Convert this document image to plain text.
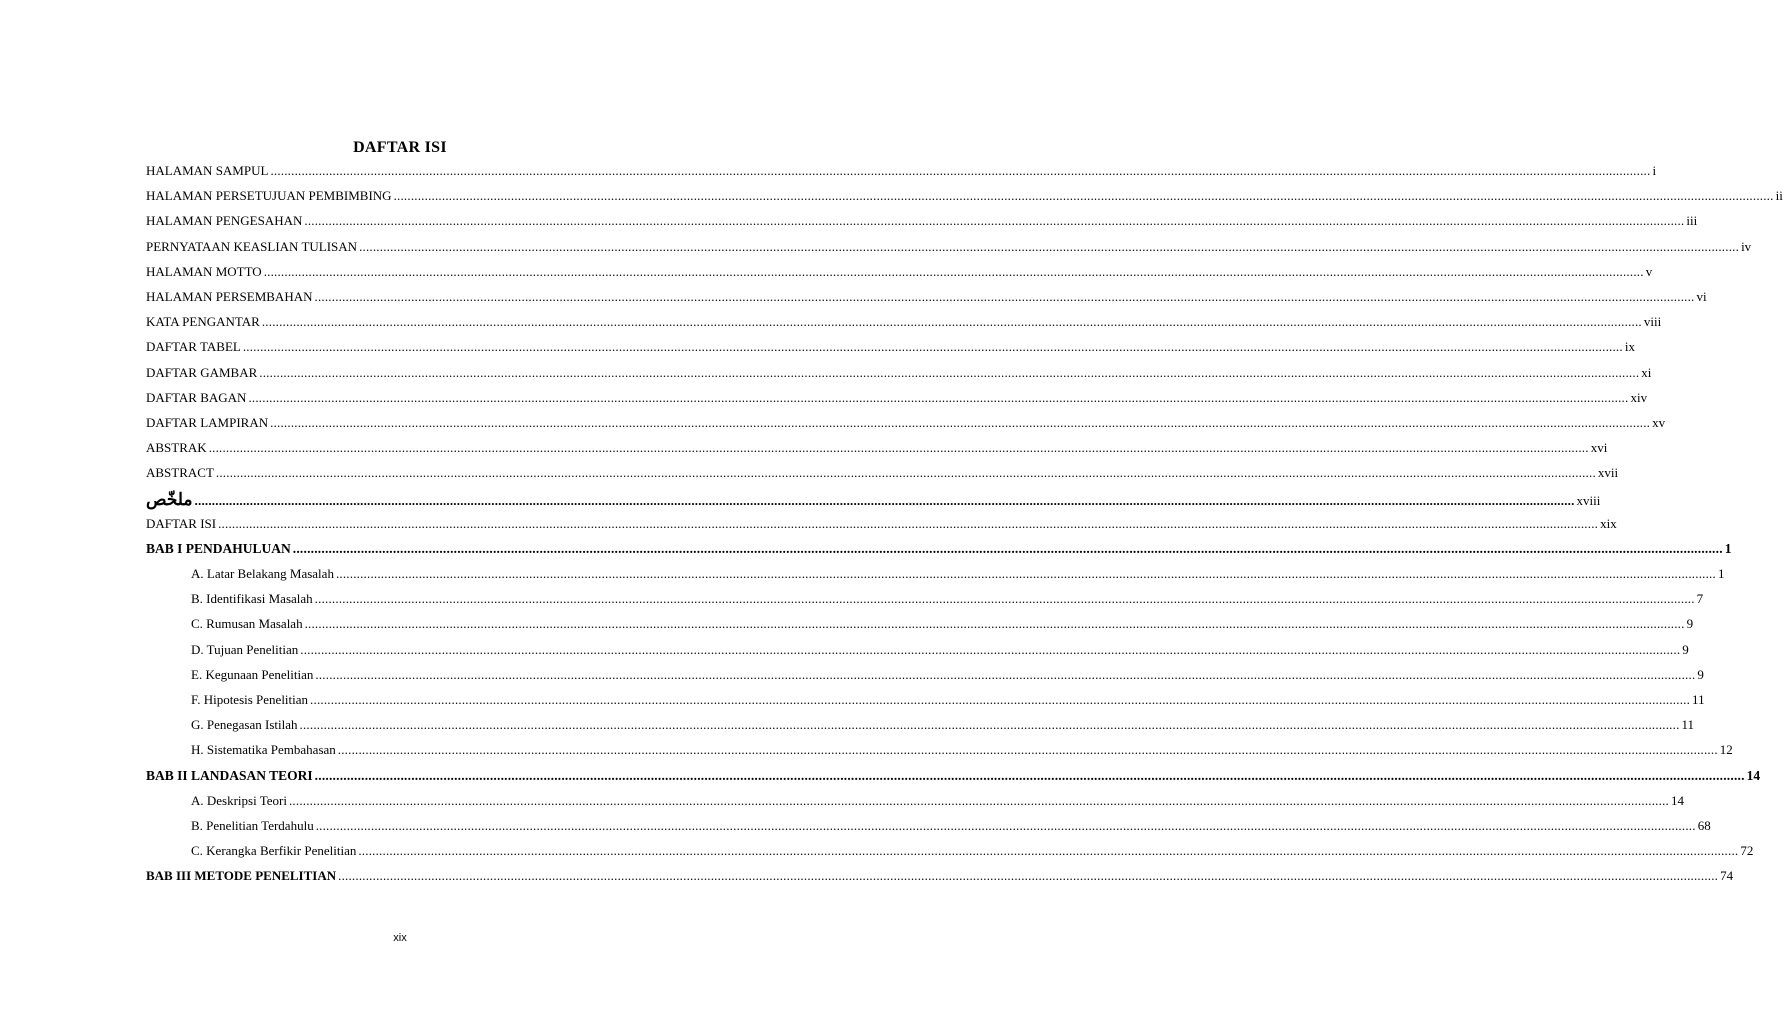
DAFTAR ISI
HALAMAN SAMPUL ................................................................................................................................................................................................................................................................................................................................................................................................................ i
HALAMAN PERSETUJUAN PEMBIMBING ................................................................................................................................................................................................................................................................................................................................................................................................................ ii
HALAMAN PENGESAHAN ................................................................................................................................................................................................................................................................................................................................................................................................................ iii
PERNYATAAN KEASLIAN TULISAN ................................................................................................................................................................................................................................................................................................................................................................................................................ iv
HALAMAN MOTTO ................................................................................................................................................................................................................................................................................................................................................................................................................ v
HALAMAN PERSEMBAHAN ................................................................................................................................................................................................................................................................................................................................................................................................................ vi
KATA PENGANTAR ................................................................................................................................................................................................................................................................................................................................................................................................................ viii
DAFTAR TABEL ................................................................................................................................................................................................................................................................................................................................................................................................................ ix
DAFTAR GAMBAR ................................................................................................................................................................................................................................................................................................................................................................................................................ xi
DAFTAR BAGAN ................................................................................................................................................................................................................................................................................................................................................................................................................ xiv
DAFTAR LAMPIRAN ................................................................................................................................................................................................................................................................................................................................................................................................................ xv
ABSTRAK ................................................................................................................................................................................................................................................................................................................................................................................................................ xvi
ABSTRACT ................................................................................................................................................................................................................................................................................................................................................................................................................ xvii
ملخّص ................................................................................................................................................................................................................................................................................................................................................................................................................ xviii
DAFTAR ISI ................................................................................................................................................................................................................................................................................................................................................................................................................ xix
BAB I PENDAHULUAN ................................................................................................................................................................................................................................................................................................................................................................................................................ 1
A. Latar Belakang Masalah ................................................................................................................................................................................................................................................................................................................................................................................................................ 1
B. Identifikasi Masalah ................................................................................................................................................................................................................................................................................................................................................................................................................ 7
C. Rumusan Masalah ................................................................................................................................................................................................................................................................................................................................................................................................................ 9
D. Tujuan Penelitian ................................................................................................................................................................................................................................................................................................................................................................................................................ 9
E. Kegunaan Penelitian ................................................................................................................................................................................................................................................................................................................................................................................................................ 9
F. Hipotesis Penelitian ................................................................................................................................................................................................................................................................................................................................................................................................................ 11
G. Penegasan Istilah ................................................................................................................................................................................................................................................................................................................................................................................................................ 11
H. Sistematika Pembahasan ................................................................................................................................................................................................................................................................................................................................................................................................................ 12
BAB II LANDASAN TEORI ................................................................................................................................................................................................................................................................................................................................................................................................................ 14
A. Deskripsi Teori ................................................................................................................................................................................................................................................................................................................................................................................................................ 14
B. Penelitian Terdahulu ................................................................................................................................................................................................................................................................................................................................................................................................................ 68
C. Kerangka Berfikir Penelitian ................................................................................................................................................................................................................................................................................................................................................................................................................ 72
BAB III METODE PENELITIAN ................................................................................................................................................................................................................................................................................................................................................................................................................ 74
xix
